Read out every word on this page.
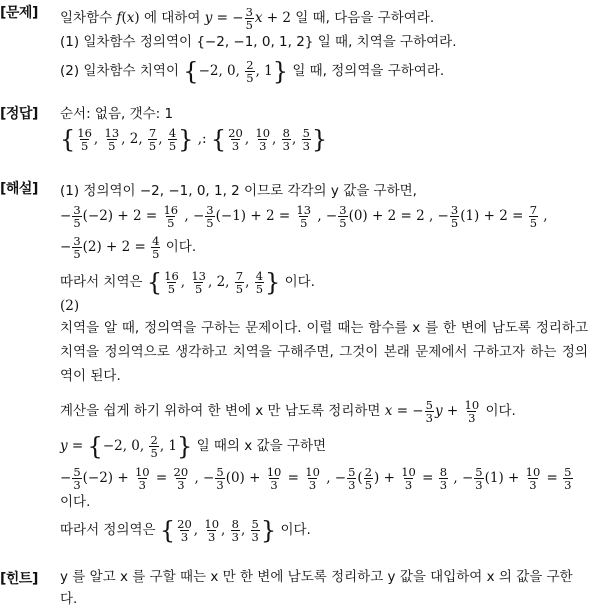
[문제] 일차함수 f(x) 에 대하여 y = − $\frac{3}{5}$ x + 2 일 때, 다음을 구하여라.
(1) 일차함수 정의역이 {−2, −1, 0, 1, 2} 일 때, 치역을 구하여라.
(2) 일차함수 치역이 {−2, 0, $\frac{2}{5}$ , 1} 일 때, 정의역을 구하여라.
[정답] 순서: 없음, 갯수: 1
{ $\frac{16}{5}$ , $\frac{13}{5}$ , 2, $\frac{7}{5}$ , $\frac{4}{5}$ } ,: { $\frac{20}{3}$ , $\frac{10}{3}$ , $\frac{8}{3}$ , $\frac{5}{3}$ }
[해설] (1) 정의역이 −2, −1, 0, 1, 2 이므로 각각의 y 값을 구하면,
− $\frac{3}{5} (-2) + 2 = \frac{16}{5}$ , − $\frac{3}{5} (-1) + 2 = \frac{13}{5}$ , − $\frac{3}{5} (0) + 2 = 2$ , − $\frac{3}{5} (1) + 2 = \frac{7}{5}$ ,
− $\frac{3}{5} (2) + 2 = \frac{4}{5}$ 이다.
따라서 치역은 { $\frac{16}{5}$ , $\frac{13}{5}$ , 2, $\frac{7}{5}$ , $\frac{4}{5}$ } 이다.
(2)
치역을 알 때, 정의역을 구하는 문제이다. 이럴 때는 함수를 x 를 한 변에 남도록 정리하고 치역을 정의역으로 생각하고 치역을 구해주면, 그것이 본래 문제에서 구하고자 하는 정의역이 된다.
계산을 쉽게 하기 위하여 한 변에 x 만 남도록 정리하면 x = − $\frac{5}{3}$ $y + \frac{10}{3}$ 이다.
y = {−2, 0, $\frac{2}{5}$ , 1} 일 때의 x 값을 구하면
− $\frac{5}{3} (-2) + \frac{10}{3} = \frac{20}{3}$ , − $\frac{5}{3} (0) + \frac{10}{3} = \frac{10}{3}$ , − $\frac{5}{3}$ ( $\frac{2}{5}$ ) + $\frac{10}{3} = \frac{8}{3}$ , − $\frac{5}{3} (1) + \frac{10}{3} = \frac{5}{3}$
이다.
따라서 정의역은 { $\frac{20}{3}$ , $\frac{10}{3}$ , $\frac{8}{3}$ , $\frac{5}{3}$ } 이다.
[힌트] y 를 알고 x 를 구할 때는 x 만 한 변에 남도록 정리하고 y 값을 대입하여 x 의 값을 구한다.
